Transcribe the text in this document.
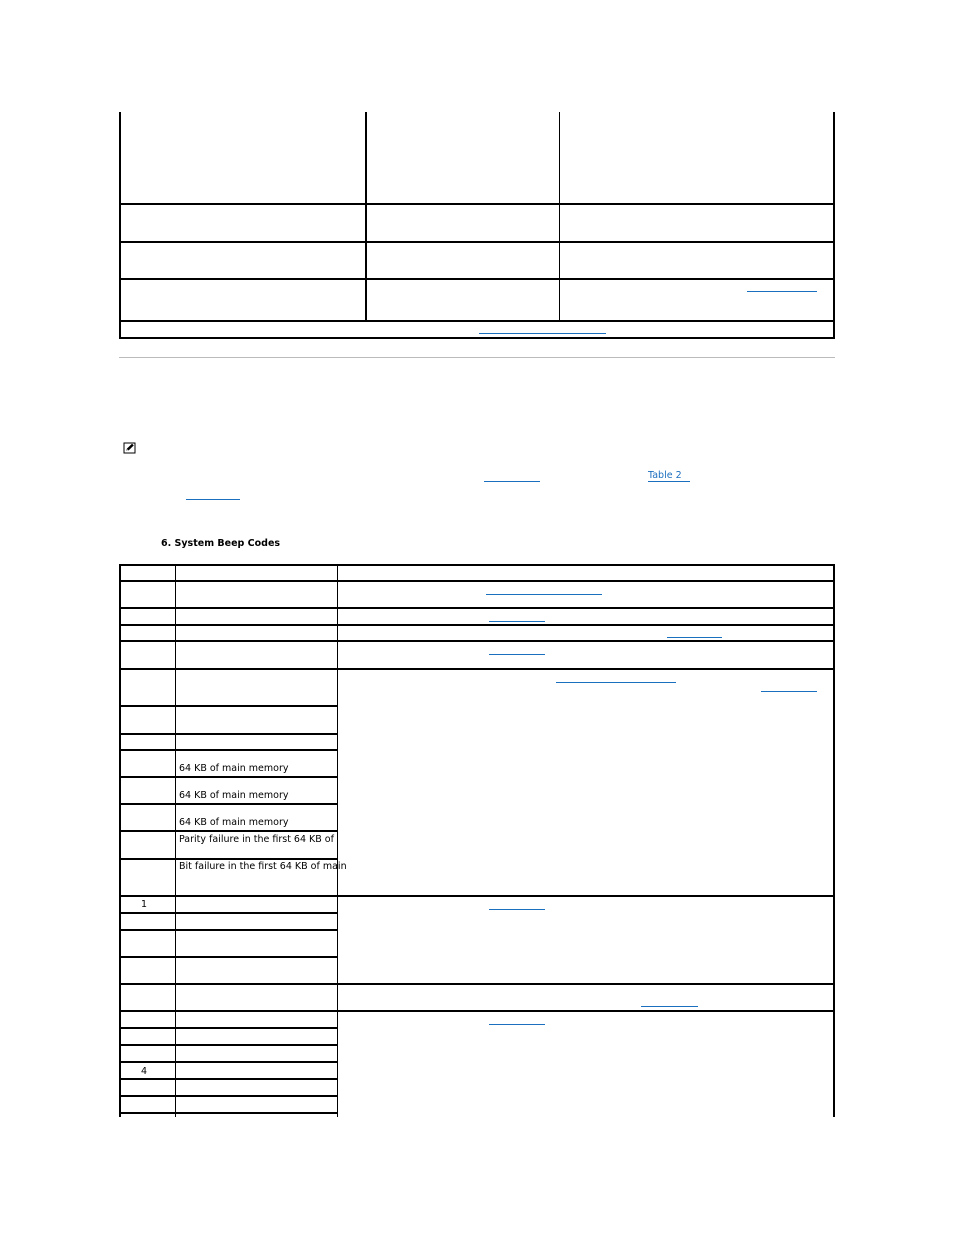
Table 2
6. System Beep Codes
64 KB of main memory
64 KB of main memory
64 KB of main memory
Parity failure in the first 64 KB of
Bit failure in the first 64 KB of main
1
4
